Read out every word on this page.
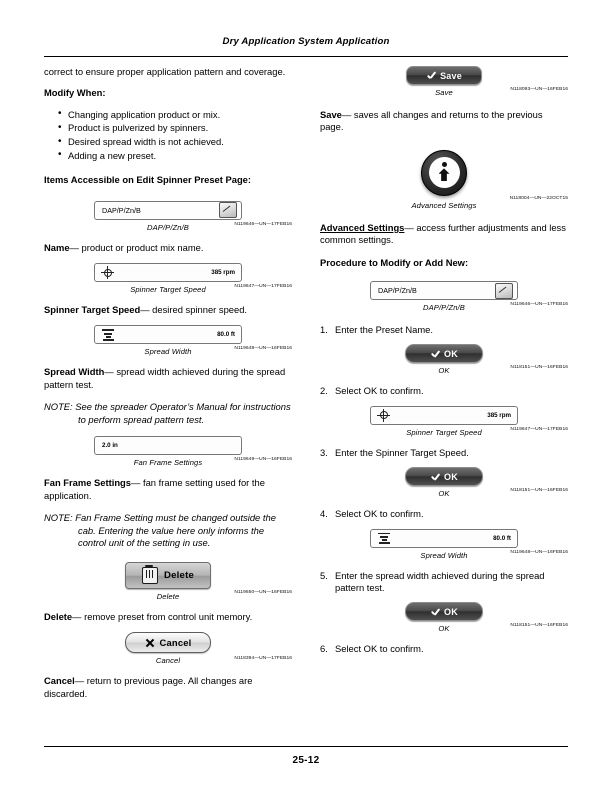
Dry Application System Application

correct to ensure proper application pattern and coverage.

Modify When:
• Changing application product or mix.
• Product is pulverized by spinners.
• Desired spread width is not achieved.
• Adding a new preset.
Items Accessible on Edit Spinner Preset Page:
DAP/P/Zn/B
DAP/P/Zn/B	N119646—UN—17FEB16

Name— product or product mix name.

385 rpm
Spinner Target Speed	N119647—UN—17FEB16

Spinner Target Speed— desired spinner speed.

80.0 ft
Spread Width	N119648—UN—16FEB16

Spread Width— spread width achieved during the spread pattern test.

NOTE: See the spreader Operator’s Manual for instructions to perform spread pattern test.

2.0 in
Fan Frame Settings	N119649—UN—16FEB16

Fan Frame Settings— fan frame setting used for the application.

NOTE: Fan Frame Setting must be changed outside the cab. Entering the value here only informs the control unit of the setting in use.

Delete
Delete	N119650—UN—16FEB16

Delete— remove preset from control unit memory.

Cancel
Cancel	N118394—UN—17FEB16

Cancel— return to previous page. All changes are discarded.

Save
Save	N118093—UN—16FEB16

Save— saves all changes and returns to the previous page.

Advanced Settings
N118004—UN—22OCT15

Advanced Settings— access further adjustments and less common settings.

Procedure to Modify or Add New:
DAP/P/Zn/B
DAP/P/Zn/B	N119646—UN—17FEB16
1. Enter the Preset Name.
OK
OK	N118151—UN—16FEB16
2. Select OK to confirm.
385 rpm
Spinner Target Speed	N119647—UN—17FEB16
3. Enter the Spinner Target Speed.
OK
OK	N118151—UN—16FEB16
4. Select OK to confirm.
80.0 ft
Spread Width	N119648—UN—16FEB16
5. Enter the spread width achieved during the spread pattern test.
OK
OK	N118151—UN—16FEB16
6. Select OK to confirm.
25-12
